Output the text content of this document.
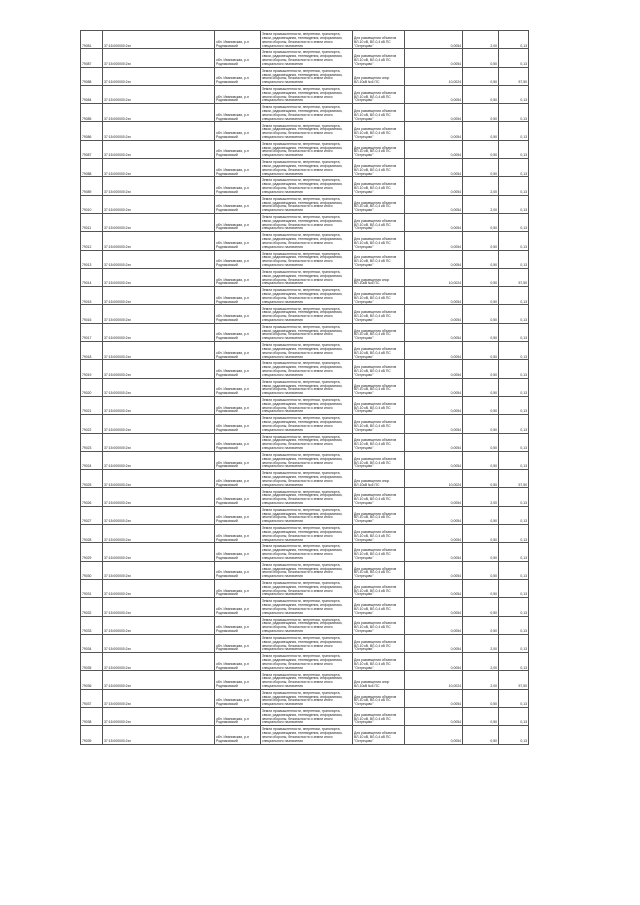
79081	37:15:000000:2xx	обл. Ивановская, р-н Родниковский	Земли промышленности, энергетики, транспорта, связи, радиовещания, телевидения, информатики, земли обороны, безопасности и земли иного специального назначения	Для размещения объектов ВЛ-10 кВ, ВЛ-0,4 кВ ПС "Острецово"	0,0054	2,00	0,13
79087	37:15:000000:2xx	обл. Ивановская, р-н Родниковский	Земли промышленности, энергетики, транспорта, связи, радиовещания, телевидения, информатики, земли обороны, безопасности и земли иного специального назначения	Для размещения объектов ВЛ-10 кВ, ВЛ-0,4 кВ ПС "Острецово"	0,0054	0,50	0,13
79088	37:15:000000:2xx	обл. Ивановская, р-н Родниковский	Земли промышленности, энергетики, транспорта, связи, радиовещания, телевидения, информатики, земли обороны, безопасности и земли иного специального назначения	Для размещения опор ВЛ-10кВ №6 ПС	10,0024	0,50	57,50
79084	37:15:000000:2xx	обл. Ивановская, р-н Родниковский	Земли промышленности, энергетики, транспорта, связи, радиовещания, телевидения, информатики, земли обороны, безопасности и земли иного специального назначения	Для размещения объектов ВЛ-10 кВ, ВЛ-0,4 кВ ПС "Острецово"	0,0054	0,50	0,13
79085	37:15:000000:2xx	обл. Ивановская, р-н Родниковский	Земли промышленности, энергетики, транспорта, связи, радиовещания, телевидения, информатики, земли обороны, безопасности и земли иного специального назначения	Для размещения объектов ВЛ-10 кВ, ВЛ-0,4 кВ ПС "Острецово"	0,0054	0,50	0,13
79086	37:15:000000:2xx	обл. Ивановская, р-н Родниковский	Земли промышленности, энергетики, транспорта, связи, радиовещания, телевидения, информатики, земли обороны, безопасности и земли иного специального назначения	Для размещения объектов ВЛ-10 кВ, ВЛ-0,4 кВ ПС "Острецово"	0,0054	0,50	0,13
79087	37:15:000000:2xx	обл. Ивановская, р-н Родниковский	Земли промышленности, энергетики, транспорта, связи, радиовещания, телевидения, информатики, земли обороны, безопасности и земли иного специального назначения	Для размещения объектов ВЛ-10 кВ, ВЛ-0,4 кВ ПС "Острецово"	0,0054	0,50	0,13
79088	37:15:000000:2xx	обл. Ивановская, р-н Родниковский	Земли промышленности, энергетики, транспорта, связи, радиовещания, телевидения, информатики, земли обороны, безопасности и земли иного специального назначения	Для размещения объектов ВЛ-10 кВ, ВЛ-0,4 кВ ПС "Острецово"	0,0054	0,50	0,13
79089	37:15:000000:2xx	обл. Ивановская, р-н Родниковский	Земли промышленности, энергетики, транспорта, связи, радиовещания, телевидения, информатики, земли обороны, безопасности и земли иного специального назначения	Для размещения объектов ВЛ-10 кВ, ВЛ-0,4 кВ ПС "Острецово"	0,0054	2,00	0,13
79010	37:15:000000:2xx	обл. Ивановская, р-н Родниковский	Земли промышленности, энергетики, транспорта, связи, радиовещания, телевидения, информатики, земли обороны, безопасности и земли иного специального назначения	Для размещения объектов ВЛ-10 кВ, ВЛ-0,4 кВ ПС "Острецово"	0,0054	2,00	0,13
79011	37:15:000000:2xx	обл. Ивановская, р-н Родниковский	Земли промышленности, энергетики, транспорта, связи, радиовещания, телевидения, информатики, земли обороны, безопасности и земли иного специального назначения	Для размещения объектов ВЛ-10 кВ, ВЛ-0,4 кВ ПС "Острецово"	0,0054	0,50	0,13
79012	37:15:000000:2xx	обл. Ивановская, р-н Родниковский	Земли промышленности, энергетики, транспорта, связи, радиовещания, телевидения, информатики, земли обороны, безопасности и земли иного специального назначения	Для размещения объектов ВЛ-10 кВ, ВЛ-0,4 кВ ПС "Острецово"	0,0054	0,50	0,13
79013	37:15:000000:2xx	обл. Ивановская, р-н Родниковский	Земли промышленности, энергетики, транспорта, связи, радиовещания, телевидения, информатики, земли обороны, безопасности и земли иного специального назначения	Для размещения объектов ВЛ-10 кВ, ВЛ-0,4 кВ ПС "Острецово"	0,0054	0,50	0,13
79014	37:15:000000:2xx	обл. Ивановская, р-н Родниковский	Земли промышленности, энергетики, транспорта, связи, радиовещания, телевидения, информатики, земли обороны, безопасности и земли иного специального назначения	Для размещения опор ВЛ-10кВ №6 ПС	10,0024	0,50	57,50
79015	37:15:000000:2xx	обл. Ивановская, р-н Родниковский	Земли промышленности, энергетики, транспорта, связи, радиовещания, телевидения, информатики, земли обороны, безопасности и земли иного специального назначения	Для размещения объектов ВЛ-10 кВ, ВЛ-0,4 кВ ПС "Острецово"	0,0054	0,50	0,13
79016	37:15:000000:2xx	обл. Ивановская, р-н Родниковский	Земли промышленности, энергетики, транспорта, связи, радиовещания, телевидения, информатики, земли обороны, безопасности и земли иного специального назначения	Для размещения объектов ВЛ-10 кВ, ВЛ-0,4 кВ ПС "Острецово"	0,0054	0,50	0,13
79017	37:15:000000:2xx	обл. Ивановская, р-н Родниковский	Земли промышленности, энергетики, транспорта, связи, радиовещания, телевидения, информатики, земли обороны, безопасности и земли иного специального назначения	Для размещения объектов ВЛ-10 кВ, ВЛ-0,4 кВ ПС "Острецово"	0,0054	0,50	0,13
79018	37:15:000000:2xx	обл. Ивановская, р-н Родниковский	Земли промышленности, энергетики, транспорта, связи, радиовещания, телевидения, информатики, земли обороны, безопасности и земли иного специального назначения	Для размещения объектов ВЛ-10 кВ, ВЛ-0,4 кВ ПС "Острецово"	0,0054	0,50	0,13
79019	37:15:000000:2xx	обл. Ивановская, р-н Родниковский	Земли промышленности, энергетики, транспорта, связи, радиовещания, телевидения, информатики, земли обороны, безопасности и земли иного специального назначения	Для размещения объектов ВЛ-10 кВ, ВЛ-0,4 кВ ПС "Острецово"	0,0054	0,50	0,13
79020	37:15:000000:2xx	обл. Ивановская, р-н Родниковский	Земли промышленности, энергетики, транспорта, связи, радиовещания, телевидения, информатики, земли обороны, безопасности и земли иного специального назначения	Для размещения объектов ВЛ-10 кВ, ВЛ-0,4 кВ ПС "Острецово"	0,0054	0,50	0,13
79021	37:15:000000:2xx	обл. Ивановская, р-н Родниковский	Земли промышленности, энергетики, транспорта, связи, радиовещания, телевидения, информатики, земли обороны, безопасности и земли иного специального назначения	Для размещения объектов ВЛ-10 кВ, ВЛ-0,4 кВ ПС "Острецово"	0,0054	0,50	0,13
79022	37:15:000000:2xx	обл. Ивановская, р-н Родниковский	Земли промышленности, энергетики, транспорта, связи, радиовещания, телевидения, информатики, земли обороны, безопасности и земли иного специального назначения	Для размещения объектов ВЛ-10 кВ, ВЛ-0,4 кВ ПС "Острецово"	0,0054	0,50	0,13
79023	37:15:000000:2xx	обл. Ивановская, р-н Родниковский	Земли промышленности, энергетики, транспорта, связи, радиовещания, телевидения, информатики, земли обороны, безопасности и земли иного специального назначения	Для размещения объектов ВЛ-10 кВ, ВЛ-0,4 кВ ПС "Острецово"	0,0054	0,50	0,13
79024	37:15:000000:2xx	обл. Ивановская, р-н Родниковский	Земли промышленности, энергетики, транспорта, связи, радиовещания, телевидения, информатики, земли обороны, безопасности и земли иного специального назначения	Для размещения объектов ВЛ-10 кВ, ВЛ-0,4 кВ ПС "Острецово"	0,0054	0,50	0,13
79025	37:15:000000:2xx	обл. Ивановская, р-н Родниковский	Земли промышленности, энергетики, транспорта, связи, радиовещания, телевидения, информатики, земли обороны, безопасности и земли иного специального назначения	Для размещения опор ВЛ-10кВ №6 ПС	10,0024	0,50	57,50
79026	37:15:000000:2xx	обл. Ивановская, р-н Родниковский	Земли промышленности, энергетики, транспорта, связи, радиовещания, телевидения, информатики, земли обороны, безопасности и земли иного специального назначения	Для размещения объектов ВЛ-10 кВ, ВЛ-0,4 кВ ПС "Острецово"	0,0054	2,00	0,13
79027	37:15:000000:2xx	обл. Ивановская, р-н Родниковский	Земли промышленности, энергетики, транспорта, связи, радиовещания, телевидения, информатики, земли обороны, безопасности и земли иного специального назначения	Для размещения объектов ВЛ-10 кВ, ВЛ-0,4 кВ ПС "Острецово"	0,0054	0,50	0,13
79028	37:15:000000:2xx	обл. Ивановская, р-н Родниковский	Земли промышленности, энергетики, транспорта, связи, радиовещания, телевидения, информатики, земли обороны, безопасности и земли иного специального назначения	Для размещения объектов ВЛ-10 кВ, ВЛ-0,4 кВ ПС "Острецово"	0,0054	0,50	0,13
79029	37:15:000000:2xx	обл. Ивановская, р-н Родниковский	Земли промышленности, энергетики, транспорта, связи, радиовещания, телевидения, информатики, земли обороны, безопасности и земли иного специального назначения	Для размещения объектов ВЛ-10 кВ, ВЛ-0,4 кВ ПС "Острецово"	0,0054	0,50	0,13
79030	37:15:000000:2xx	обл. Ивановская, р-н Родниковский	Земли промышленности, энергетики, транспорта, связи, радиовещания, телевидения, информатики, земли обороны, безопасности и земли иного специального назначения	Для размещения объектов ВЛ-10 кВ, ВЛ-0,4 кВ ПС "Острецово"	0,0054	0,50	0,13
79031	37:15:000000:2xx	обл. Ивановская, р-н Родниковский	Земли промышленности, энергетики, транспорта, связи, радиовещания, телевидения, информатики, земли обороны, безопасности и земли иного специального назначения	Для размещения объектов ВЛ-10 кВ, ВЛ-0,4 кВ ПС "Острецово"	0,0054	0,50	0,13
79032	37:15:000000:2xx	обл. Ивановская, р-н Родниковский	Земли промышленности, энергетики, транспорта, связи, радиовещания, телевидения, информатики, земли обороны, безопасности и земли иного специального назначения	Для размещения объектов ВЛ-10 кВ, ВЛ-0,4 кВ ПС "Острецово"	0,0054	0,50	0,13
79033	37:15:000000:2xx	обл. Ивановская, р-н Родниковский	Земли промышленности, энергетики, транспорта, связи, радиовещания, телевидения, информатики, земли обороны, безопасности и земли иного специального назначения	Для размещения объектов ВЛ-10 кВ, ВЛ-0,4 кВ ПС "Острецово"	0,0054	0,50	0,13
79034	37:15:000000:2xx	обл. Ивановская, р-н Родниковский	Земли промышленности, энергетики, транспорта, связи, радиовещания, телевидения, информатики, земли обороны, безопасности и земли иного специального назначения	Для размещения объектов ВЛ-10 кВ, ВЛ-0,4 кВ ПС "Острецово"	0,0054	2,00	0,13
79035	37:15:000000:2xx	обл. Ивановская, р-н Родниковский	Земли промышленности, энергетики, транспорта, связи, радиовещания, телевидения, информатики, земли обороны, безопасности и земли иного специального назначения	Для размещения объектов ВЛ-10 кВ, ВЛ-0,4 кВ ПС "Острецово"	0,0054	2,00	0,13
79036	37:15:000000:2xx	обл. Ивановская, р-н Родниковский	Земли промышленности, энергетики, транспорта, связи, радиовещания, телевидения, информатики, земли обороны, безопасности и земли иного специального назначения	Для размещения опор ВЛ-10кВ №6 ПС	10,0024	2,00	57,50
79037	37:15:000000:2xx	обл. Ивановская, р-н Родниковский	Земли промышленности, энергетики, транспорта, связи, радиовещания, телевидения, информатики, земли обороны, безопасности и земли иного специального назначения	Для размещения объектов ВЛ-10 кВ, ВЛ-0,4 кВ ПС "Острецово"	0,0054	0,50	0,13
79038	37:15:000000:2xx	обл. Ивановская, р-н Родниковский	Земли промышленности, энергетики, транспорта, связи, радиовещания, телевидения, информатики, земли обороны, безопасности и земли иного специального назначения	Для размещения объектов ВЛ-10 кВ, ВЛ-0,4 кВ ПС "Острецово"	0,0054	0,50	0,13
79039	37:15:000000:2xx	обл. Ивановская, р-н Родниковский	Земли промышленности, энергетики, транспорта, связи, радиовещания, телевидения, информатики, земли обороны, безопасности и земли иного специального назначения	Для размещения объектов ВЛ-10 кВ, ВЛ-0,4 кВ ПС "Острецово"	0,0054	0,50	0,13
